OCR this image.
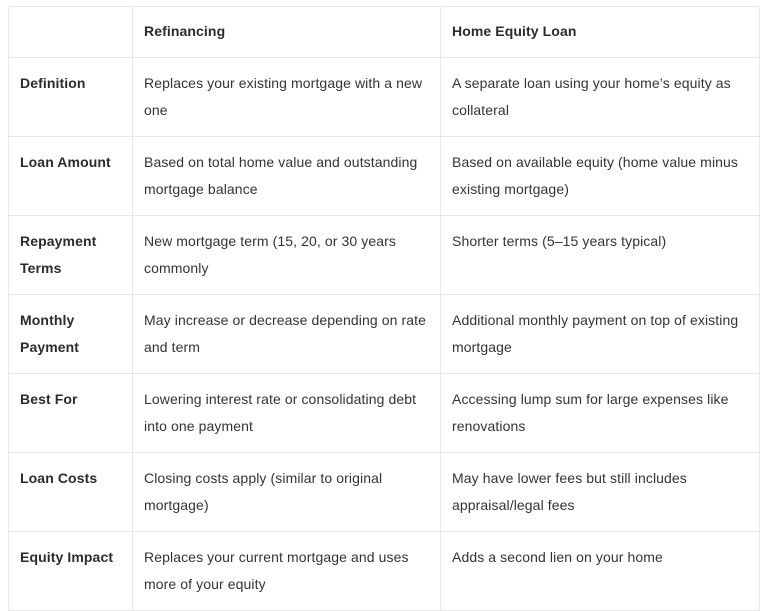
	Refinancing	Home Equity Loan
Definition	Replaces your existing mortgage with a new one	A separate loan using your home’s equity as collateral
Loan Amount	Based on total home value and outstanding mortgage balance	Based on available equity (home value minus existing mortgage)
Repayment Terms	New mortgage term (15, 20, or 30 years commonly	Shorter terms (5–15 years typical)
Monthly Payment	May increase or decrease depending on rate and term	Additional monthly payment on top of existing mortgage
Best For	Lowering interest rate or consolidating debt into one payment	Accessing lump sum for large expenses like renovations
Loan Costs	Closing costs apply (similar to original mortgage)	May have lower fees but still includes appraisal/legal fees
Equity Impact	Replaces your current mortgage and uses more of your equity	Adds a second lien on your home
